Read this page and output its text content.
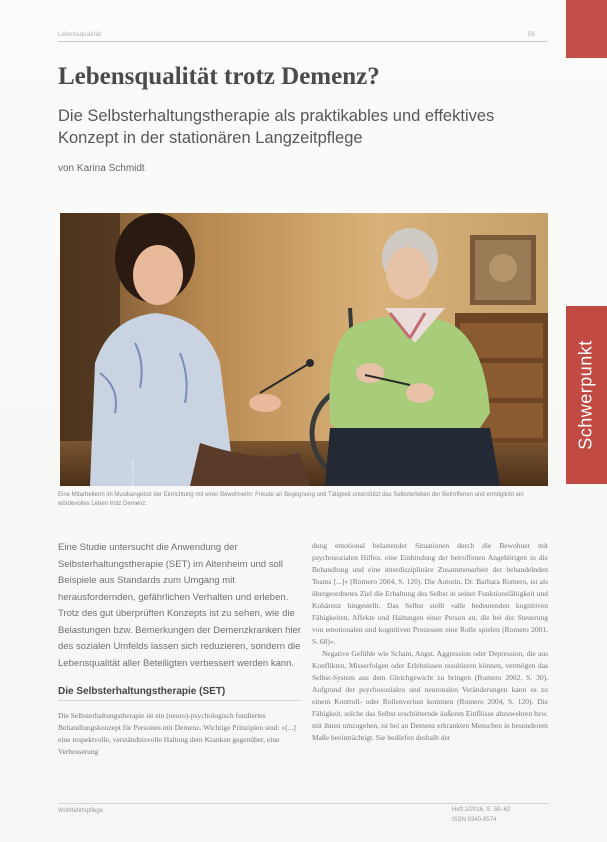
Lebensqualität	59
Schwerpunkt
Lebensqualität trotz Demenz?
Die Selbsterhaltungstherapie als praktikables und effektives Konzept in der stationären Langzeitpflege
von Karina Schmidt
Foto: © Autorin
Eine Mitarbeiterin im Musikangebot der Einrichtung mit einer Bewohnerin: Freude an Begegnung und Tätigkeit unterstützt das Selbsterleben der Betroffenen und ermöglicht ein würdevolles Leben trotz Demenz.

Eine Studie untersucht die Anwendung der Selbsterhaltungstherapie (SET) im Altenheim und soll Beispiele aus Standards zum Umgang mit herausfordernden, gefährlichen Verhalten und erleben. Trotz des gut überprüften Konzepts ist zu sehen, wie die Belastungen bzw. Bemerkungen der Demenzkranken hier des sozialen Umfelds lassen sich reduzieren, sondern die Lebensqualität aller Beteiligten verbessert werden kann.

Die Selbsterhaltungstherapie (SET)
Die Selbsterhaltungstherapie ist ein (neuro)-psychologisch fundiertes Behandlungskonzept für Personen mit Demenz. Wichtige Prinzipien sind: »[...] eine respektvolle, verständnisvolle Haltung dem Kranken gegenüber, eine Verbesserung

dung emotional belastender Situationen durch die Bewohner mit psychosozialen Hilfen, eine Einbindung der betroffenen Angehörigen in die Behandlung und eine interdisziplinäre Zusammenarbeit der behandelnden Teams [...]« (Romero 2004, S. 120). Die Autorin, Dr. Barbara Romero, ist als übergeordnetes Ziel die Erhaltung des Selbst in seiner Funktionsfähigkeit und Kohärenz hingestellt. Das Selbst stellt »alle bedeutenden kognitiven Fähigkeiten, Affekte und Haltungen einer Person an, die bei der Steuerung von emotionalen und kognitiven Prozessen eine Rolle spielen (Romero 2001, S. 68)«.

Negative Gefühle wie Scham, Angst, Aggression oder Depression, die aus Konflikten, Misserfolgen oder Erlebnissen resultieren können, vermögen das Selbst-System aus dem Gleichgewicht zu bringen (Romero 2002, S. 30). Aufgrund der psychosozialen und neuronalen Veränderungen kann es zu einem Kontroll- oder Rollenverlust kommen (Romero 2004, S. 120). Die Fähigkeit, solche das Selbst erschütternde äußeren Einflüsse abzuwehren bzw. mit ihnen umzugehen, ist bei an Demenz erkrankten Menschen in besonderem Maße beeinträchtigt. Sie bedürfen deshalb der

Wohlfahrtspflege	Heft 2/2016, S. 59–62
ISSN 0340-8574
